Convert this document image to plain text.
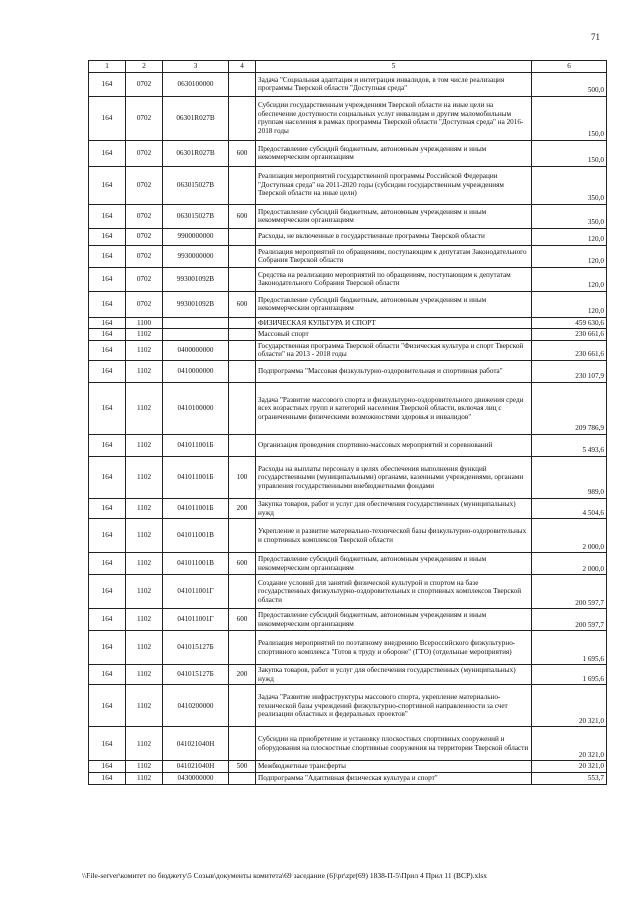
71
1	2	3	4	5	6
164	0702	0630100000		Задача "Социальная адаптация и интеграция инвалидов, в том числе реализация программы Тверской области "Доступная среда"	500,0
164	0702	06301R027B		Субсидии государственным учреждениям Тверской области на иные цели на обеспечение доступности социальных услуг инвалидам и другим маломобильным группам населения в рамках программы Тверской области "Доступная среда" на 2016-2018 годы	150,0
164	0702	06301R027B	600	Предоставление субсидий бюджетным, автономным учреждениям и иным некоммерческим организациям	150,0
164	0702	063015027B		Реализация мероприятий государственной программы Российской Федерации "Доступная среда" на 2011-2020 годы (субсидии государственным учреждениям Тверской области на иные цели)	350,0
164	0702	063015027B	600	Предоставление субсидий бюджетным, автономным учреждениям и иным некоммерческим организациям	350,0
164	0702	9900000000		Расходы, не включенные в государственные программы Тверской области	120,0
164	0702	9930000000		Реализация мероприятий по обращениям, поступающим к депутатам Законодательного Собрания Тверской области	120,0
164	0702	993001092B		Средства на реализацию мероприятий по обращениям, поступающим к депутатам Законодательного Собрания Тверской области	120,0
164	0702	993001092B	600	Предоставление субсидий бюджетным, автономным учреждениям и иным некоммерческим организациям	120,0
164	1100			ФИЗИЧЕСКАЯ КУЛЬТУРА И СПОРТ	459 630,6
164	1102			Массовый спорт	230 661,6
164	1102	0400000000		Государственная программа Тверской области "Физическая культура и спорт Тверской области" на 2013 - 2018 годы	230 661,6
164	1102	0410000000		Подпрограмма "Массовая физкультурно-оздоровительная и спортивная работа"	230 107,9
164	1102	0410100000		Задача "Развитие массового спорта и физкультурно-оздоровительного движения среди всех возрастных групп и категорий населения Тверской области, включая лиц с ограниченными физическими возможностями здоровья и инвалидов"	209 786,9
164	1102	041011001Б		Организация проведения спортивно-массовых мероприятий и соревнований	5 493,6
164	1102	041011001Б	100	Расходы на выплаты персоналу в целях обеспечения выполнения функций государственными (муниципальными) органами, казенными учреждениями, органами управления государственными внебюджетными фондами	989,0
164	1102	041011001Б	200	Закупка товаров, работ и услуг для обеспечения государственных (муниципальных) нужд	4 504,6
164	1102	041011001В		Укрепление и развитие материально-технической базы физкультурно-оздоровительных и спортивных комплексов Тверской области	2 000,0
164	1102	041011001В	600	Предоставление субсидий бюджетным, автономным учреждениям и иным некоммерческим организациям	2 000,0
164	1102	041011001Г		Создание условий для занятий физической культурой и спортом на базе государственных физкультурно-оздоровительных и спортивных комплексов Тверской области	200 597,7
164	1102	041011001Г	600	Предоставление субсидий бюджетным, автономным учреждениям и иным некоммерческим организациям	200 597,7
164	1102	041015127Б		Реализация мероприятий по поэтапному внедрению Всероссийского физкультурно-спортивного комплекса "Готов к труду и обороне" (ГТО) (отдельные мероприятия)	1 695,6
164	1102	041015127Б	200	Закупка товаров, работ и услуг для обеспечения государственных (муниципальных) нужд	1 695,6
164	1102	0410200000		Задача "Развитие инфраструктуры массового спорта, укрепление материально-технической базы учреждений физкультурно-спортивной направленности за счет реализации областных и федеральных проектов"	20 321,0
164	1102	041021040Н		Субсидии на приобретение и установку плоскостных спортивных сооружений и оборудования на плоскостные спортивные сооружения на территории Тверской области	20 321,0
164	1102	041021040Н	500	Межбюджетные трансферты	20 321,0
164	1102	0430000000		Подпрограмма "Адаптивная физическая культура и спорт"	553,7
\\File-server\комитет по бюджету\5 Созыв\документы комитета\69 заседание (6)\pr\zpr(69) 1838-П-5\Прил 4 Прил 11 (ВСР).xlsx
